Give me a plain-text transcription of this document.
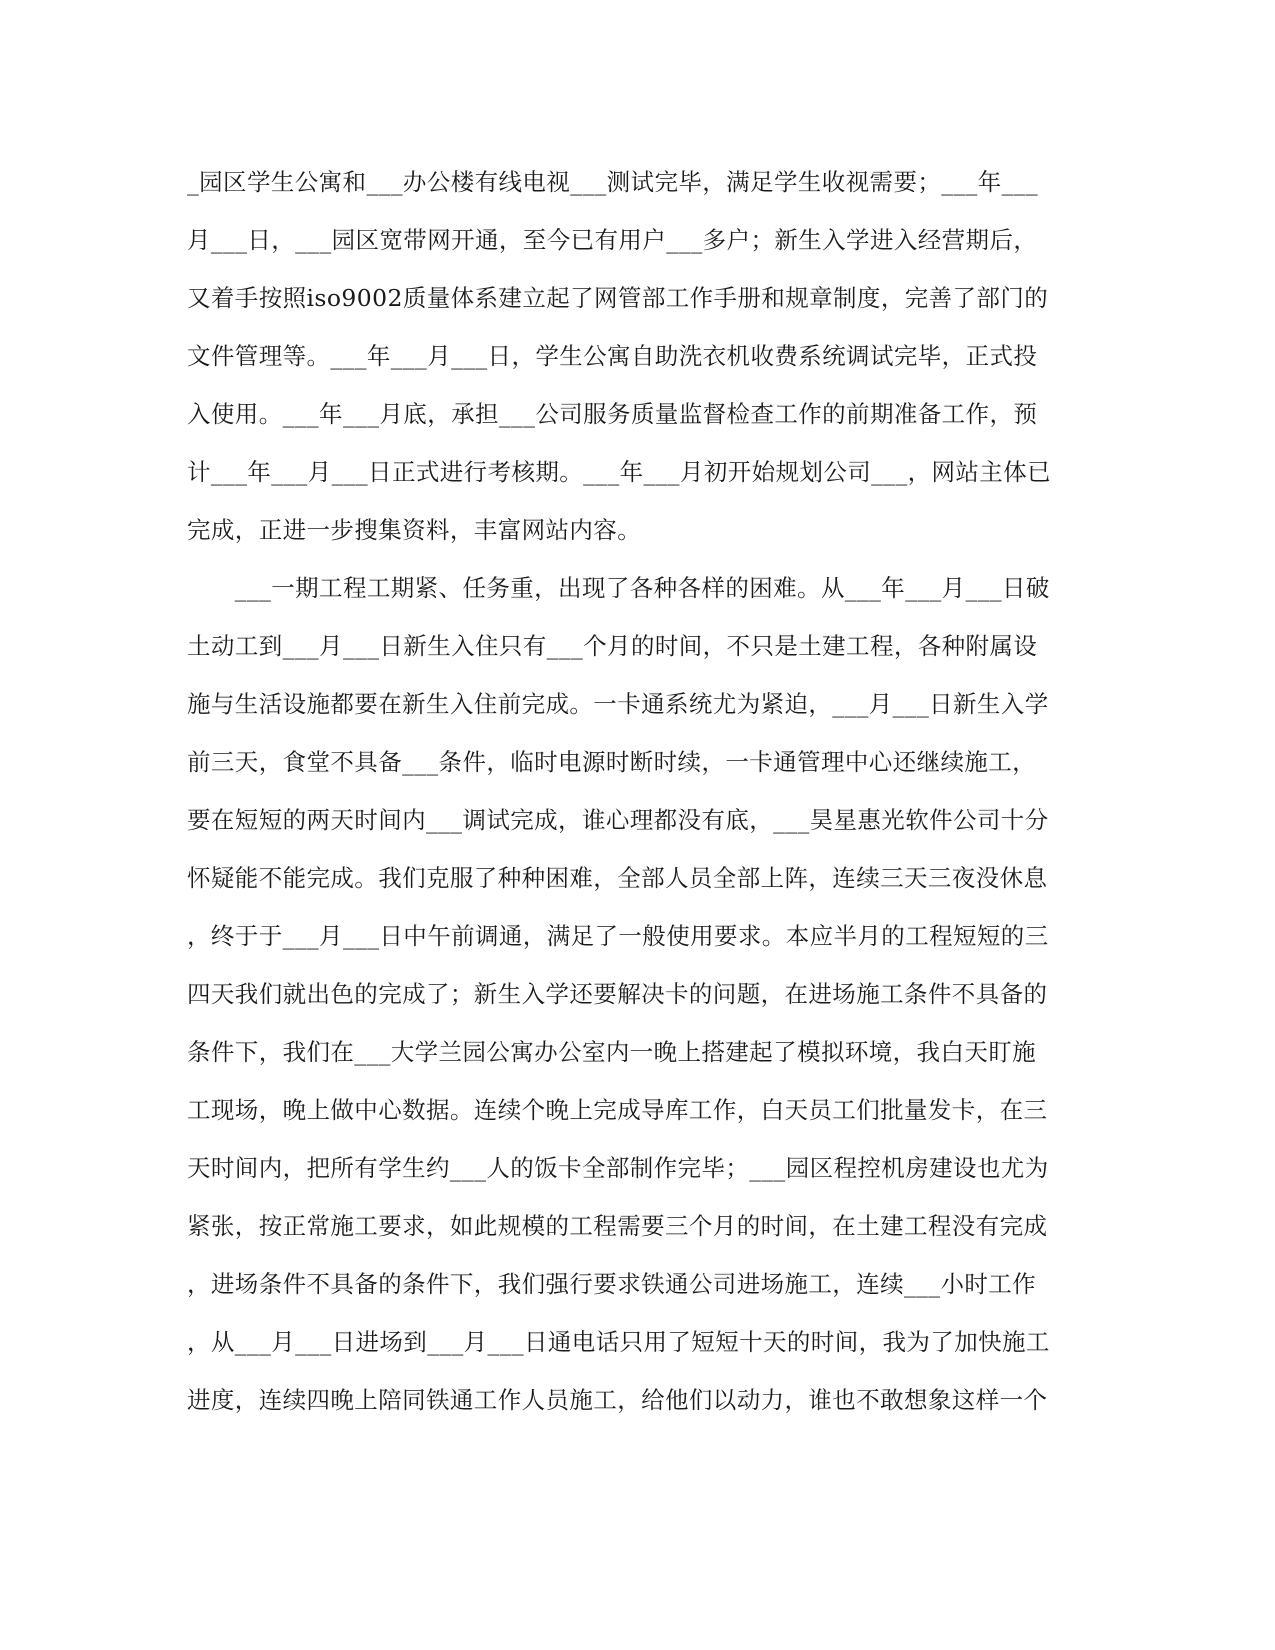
_园区学生公寓和___办公楼有线电视___测试完毕，满足学生收视需要；___年___
月___日，___园区宽带网开通，至今已有用户___多户；新生入学进入经营期后，
又着手按照iso9002质量体系建立起了网管部工作手册和规章制度，完善了部门的
文件管理等。___年___月___日，学生公寓自助洗衣机收费系统调试完毕，正式投
入使用。___年___月底，承担___公司服务质量监督检查工作的前期准备工作，预
计___年___月___日正式进行考核期。___年___月初开始规划公司___，网站主体已
完成，正进一步搜集资料，丰富网站内容。
　　___一期工程工期紧、任务重，出现了各种各样的困难。从___年___月___日破
土动工到___月___日新生入住只有___个月的时间，不只是土建工程，各种附属设
施与生活设施都要在新生入住前完成。一卡通系统尤为紧迫，___月___日新生入学
前三天，食堂不具备___条件，临时电源时断时续，一卡通管理中心还继续施工，
要在短短的两天时间内___调试完成，谁心理都没有底，___昊星惠光软件公司十分
怀疑能不能完成。我们克服了种种困难，全部人员全部上阵，连续三天三夜没休息
，终于于___月___日中午前调通，满足了一般使用要求。本应半月的工程短短的三
四天我们就出色的完成了；新生入学还要解决卡的问题，在进场施工条件不具备的
条件下，我们在___大学兰园公寓办公室内一晚上搭建起了模拟环境，我白天盯施
工现场，晚上做中心数据。连续个晚上完成导库工作，白天员工们批量发卡，在三
天时间内，把所有学生约___人的饭卡全部制作完毕；___园区程控机房建设也尤为
紧张，按正常施工要求，如此规模的工程需要三个月的时间，在土建工程没有完成
，进场条件不具备的条件下，我们强行要求铁通公司进场施工，连续___小时工作
，从___月___日进场到___月___日通电话只用了短短十天的时间，我为了加快施工
进度，连续四晚上陪同铁通工作人员施工，给他们以动力，谁也不敢想象这样一个
